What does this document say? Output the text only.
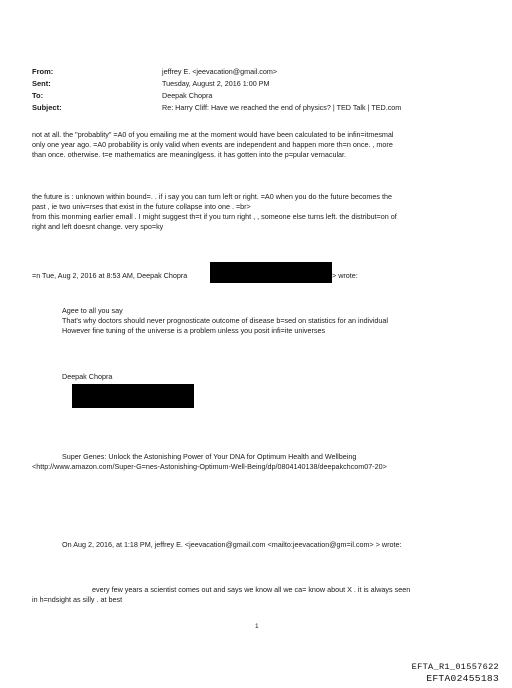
From:	jeffrey E. <jeevacation@gmail.com>
Sent:	Tuesday, August 2, 2016 1:00 PM
To:	Deepak Chopra
Subject:	Re: Harry Cliff: Have we reached the end of physics? | TED Talk | TED.com
not at all. the "probablity" =A0 of you emailing me at the moment would have been calculated to be infin=itmesmal
only one year ago. =A0 probability is only valid when events are independent and happen more th=n once. , more
than once. otherwise. t=e mathematics are meaninglgess. it has gotten into the p=pular vernacular.
the future is : unknown within bound=. . if i say you can turn left or right. =A0 when you do the future becomes the
past , ie two univ=rses that exist in the future collapse into one . =br>
from this monrning earlier emall . I might suggest th=t if you turn right , , someone else turns left. the distribut=on of
right and left doesnt change. very spo=ky
=n Tue, Aug 2, 2016 at 8:53 AM, Deepak Chopra	> wrote:
Agee to all you say
That's why doctors should never prognosticate outcome of disease b=sed on statistics for an individual
However fine tuning of the universe is a problem unless you posit infi=ite universes
Deepak Chopra
Super Genes: Unlock the Astonishing Power of Your DNA for Optimum Health and Wellbeing
<http://www.amazon.com/Super-G=nes-Astonishing-Optimum-Well-Being/dp/0804140138/deepakchcom07-20>
On Aug 2, 2016, at 1:18 PM, jeffrey E. <jeevacation@gmail.com <mailto:jeevacation@gm=il.com> > wrote:
every few years a scientist comes out and says we know all we ca= know about X . it is always seen
in h=ndsight as silly . at best
1
EFTA_R1_01557622
EFTA02455183
